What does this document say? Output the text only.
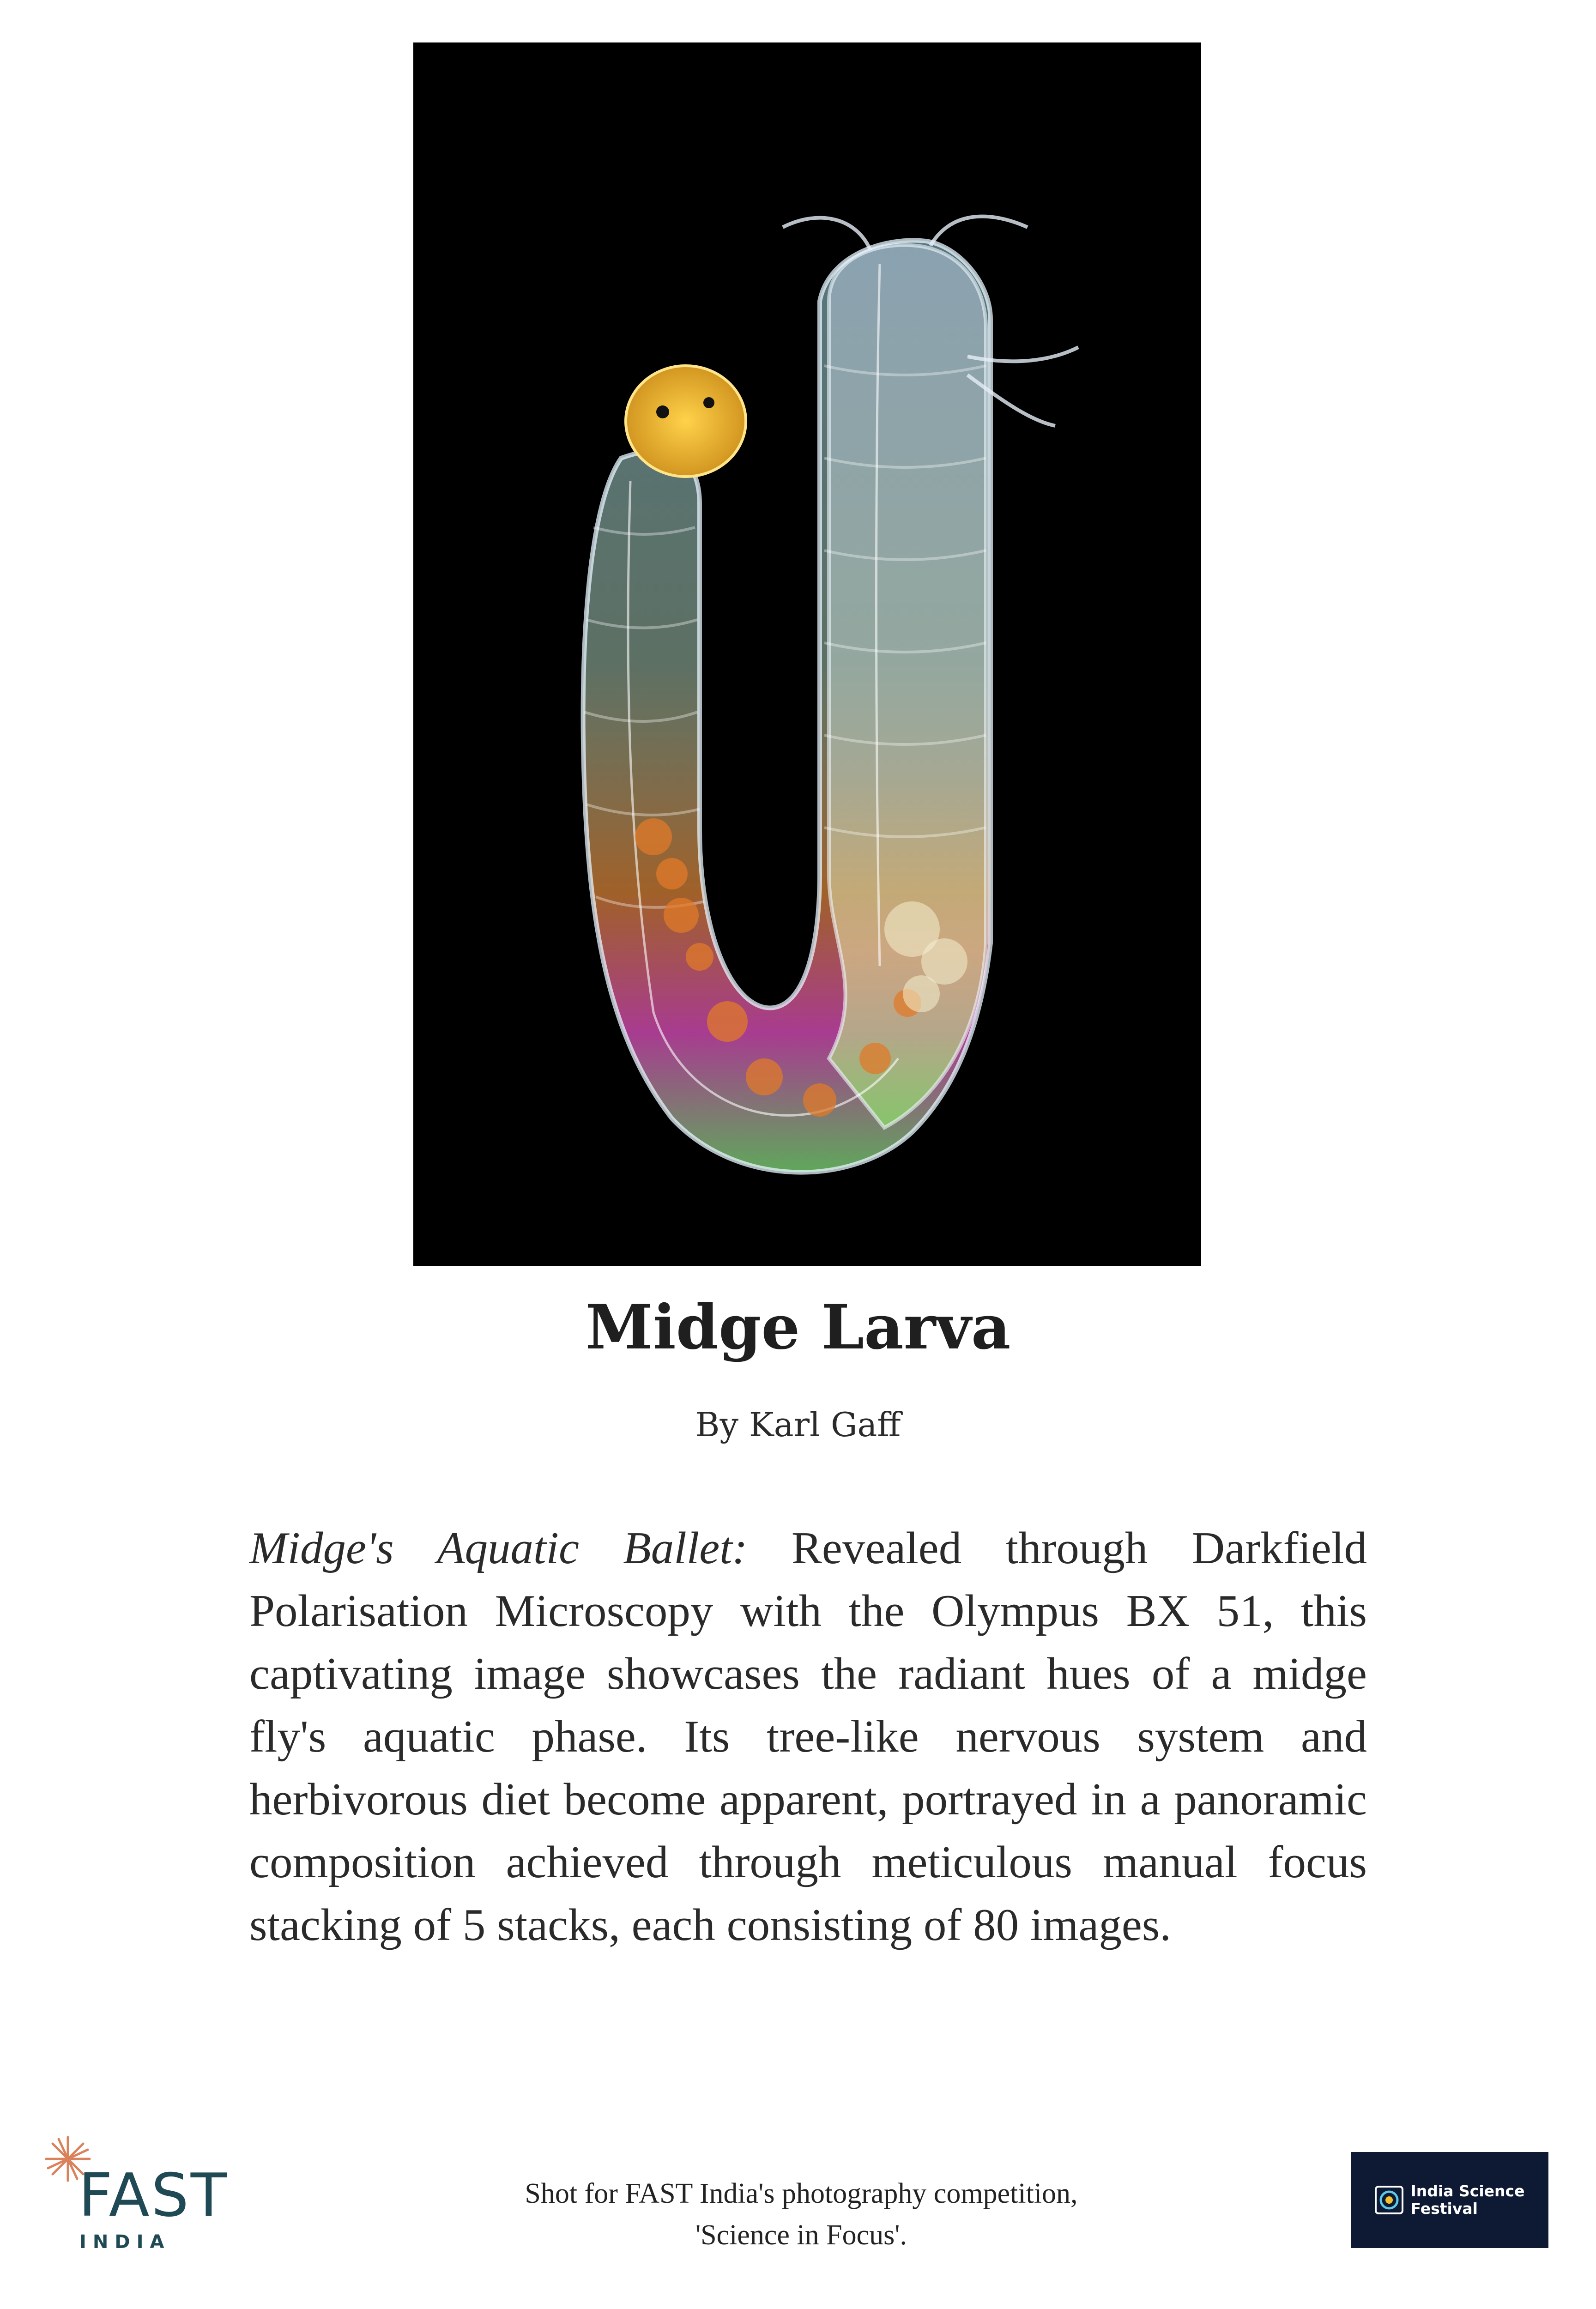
Midge Larva
By Karl Gaff

Midge's Aquatic Ballet: Revealed through Darkfield Polarisation Microscopy with the Olympus BX 51, this captivating image showcases the radiant hues of a midge fly's aquatic phase. Its tree-like nervous system and herbivorous diet become apparent, portrayed in a panoramic composition achieved through meticulous manual focus stacking of 5 stacks, each consisting of 80 images.

FAST
INDIA
Shot for FAST India's photography competition,
'Science in Focus'.
India Science
Festival
